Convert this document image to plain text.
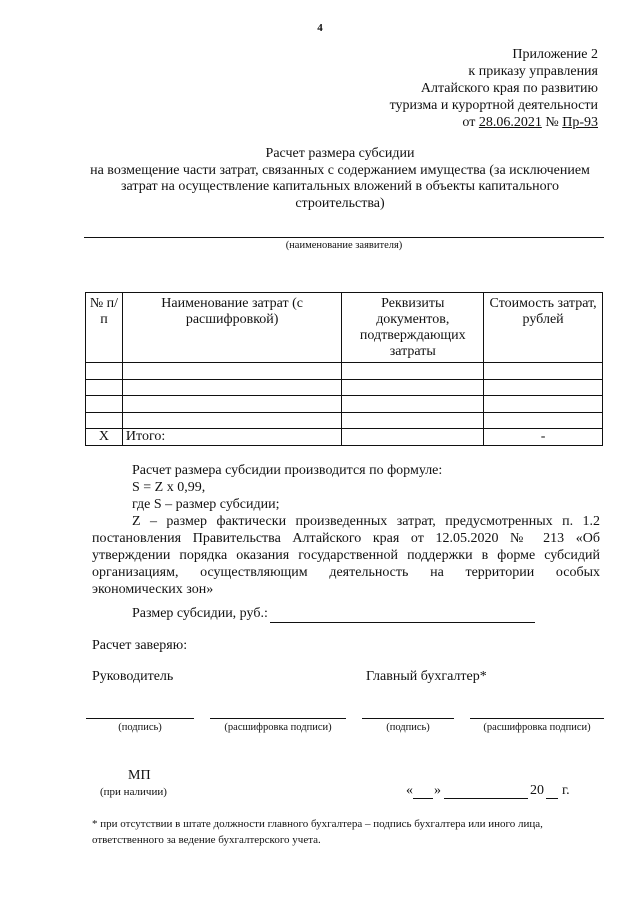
4
Приложение 2
к приказу управления
Алтайского края по развитию
туризма и курортной деятельности
от 28.06.2021 № Пр-93
Расчет размера субсидии
на возмещение части затрат, связанных с содержанием имущества (за исключением
затрат на осуществление капитальных вложений в объекты капитального
строительства)
(наименование заявителя)
№ п/п	Наименование затрат (с расшифровкой)	Реквизиты документов, подтверждающих затраты	Стоимость затрат, рублей

X	Итого:		-
Расчет размера субсидии производится по формуле:
S = Z x 0,99,
где S – размер субсидии;
Z – размер фактически произведенных затрат, предусмотренных п. 1.2 постановления Правительства Алтайского края от 12.05.2020 № 213 «Об утверждении порядка оказания государственной поддержки в форме субсидий организациям, осуществляющим деятельность на территории особых экономических зон»
Размер субсидии, руб.:
Расчет заверяю:
Руководитель	Главный бухгалтер*
(подпись)	(расшифровка подписи)	(подпись)	(расшифровка подписи)
МП
(при наличии)	« »	20 г.
* при отсутствии в штате должности главного бухгалтера – подпись бухгалтера или иного лица, ответственного за ведение бухгалтерского учета.
